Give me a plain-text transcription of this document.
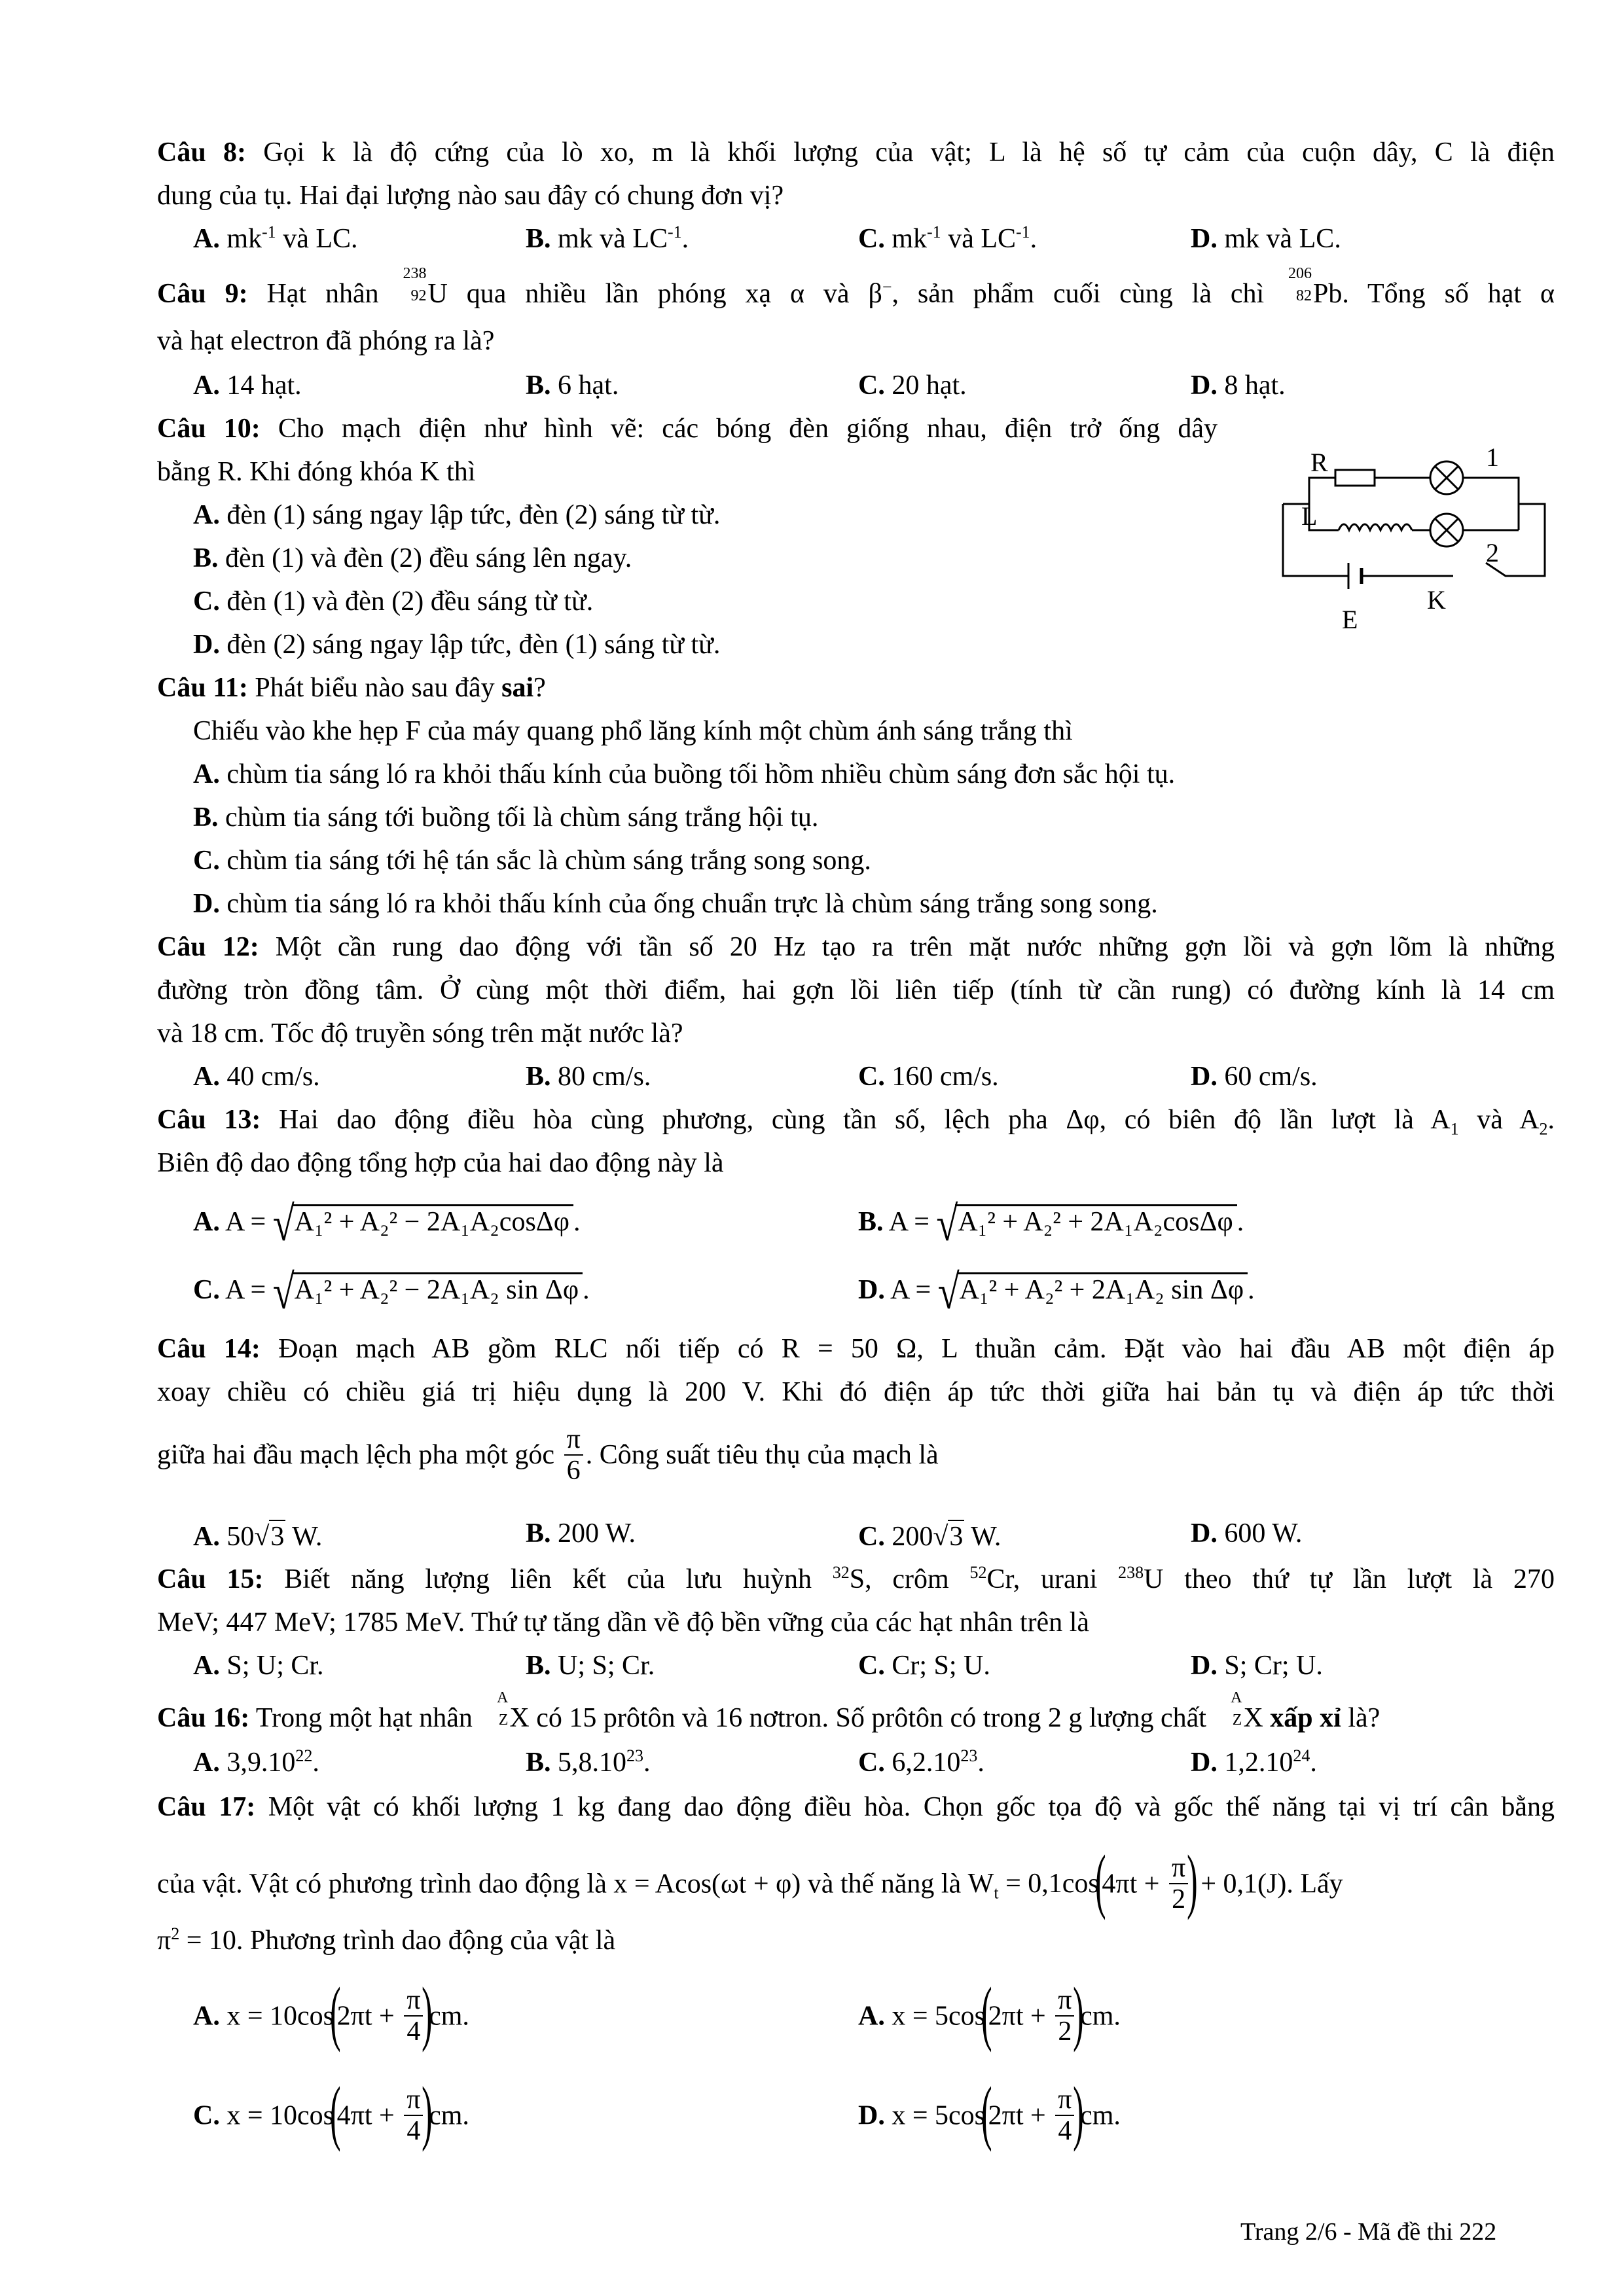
Câu 8: Gọi k là độ cứng của lò xo, m là khối lượng của vật; L là hệ số tự cảm của cuộn dây, C là điện
dung của tụ. Hai đại lượng nào sau đây có chung đơn vị?
A. $mk^{-1}$ và LC.	B. mk và $LC^{-1}$.	C. $mk^{-1}$ và $LC^{-1}$.	D. mk và LC.
Câu 9: Hạt nhân
238
92 U qua nhiều lần phóng xạ α và β−, sản phẩm cuối cùng là chì
206
82 Pb. Tổng số hạt α
và hạt electron đã phóng ra là?
A. 14 hạt.	B. 6 hạt.	C. 20 hạt.	D. 8 hạt.
Câu 10: Cho mạch điện như hình vẽ: các bóng đèn giống nhau, điện trở ống dây
bằng R. Khi đóng khóa K thì
A. đèn (1) sáng ngay lập tức, đèn (2) sáng từ từ.
B. đèn (1) và đèn (2) đều sáng lên ngay.
C. đèn (1) và đèn (2) đều sáng từ từ.
D. đèn (2) sáng ngay lập tức, đèn (1) sáng từ từ.
R	1
L
2
K
E
Câu 11: Phát biểu nào sau đây sai?
Chiếu vào khe hẹp F của máy quang phổ lăng kính một chùm ánh sáng trắng thì
A. chùm tia sáng ló ra khỏi thấu kính của buồng tối hồm nhiều chùm sáng đơn sắc hội tụ.
B. chùm tia sáng tới buồng tối là chùm sáng trắng hội tụ.
C. chùm tia sáng tới hệ tán sắc là chùm sáng trắng song song.
D. chùm tia sáng ló ra khỏi thấu kính của ống chuẩn trực là chùm sáng trắng song song.
Câu 12: Một cần rung dao động với tần số 20 Hz tạo ra trên mặt nước những gợn lồi và gợn lõm là những
đường tròn đồng tâm. Ở cùng một thời điểm, hai gợn lồi liên tiếp (tính từ cần rung) có đường kính là 14 cm
và 18 cm. Tốc độ truyền sóng trên mặt nước là?
A. 40 cm/s.	B. 80 cm/s.	C. 160 cm/s.	D. 60 cm/s.
Câu 13: Hai dao động điều hòa cùng phương, cùng tần số, lệch pha Δφ, có biên độ lần lượt là $A_1$ và $A_2$.
Biên độ dao động tổng hợp của hai dao động này là
A. A = √A₁² + A₂² − 2A₁A₂cosΔφ .	B. A = √A₁² + A₂² + 2A₁A₂cosΔφ .
C. A = √A₁² + A₂² − 2A₁A₂ sin Δφ .	D. A = √A₁² + A₂² + 2A₁A₂ sin Δφ .
Câu 14: Đoạn mạch AB gồm RLC nối tiếp có R = 50 Ω, L thuần cảm. Đặt vào hai đầu AB một điện áp
xoay chiều có chiều giá trị hiệu dụng là 200 V. Khi đó điện áp tức thời giữa hai bản tụ và điện áp tức thời
giữa hai đầu mạch lệch pha một góc $\frac{\pi}{6}$ . Công suất tiêu thụ của mạch là
A. 50√3 W.	B. 200 W.	C. 200√3 W.	D. 600 W.
Câu 15: Biết năng lượng liên kết của lưu huỳnh $^{32}$S, crôm $^{52}$Cr, urani $^{238}$U theo thứ tự lần lượt là 270
MeV; 447 MeV; 1785 MeV. Thứ tự tăng dần về độ bền vững của các hạt nhân trên là
A. S; U; Cr.	B. U; S; Cr.	C. Cr; S; U.	D. S; Cr; U.
Câu 16: Trong một hạt nhân
A
Z X có 15 prôtôn và 16 nơtron. Số prôtôn có trong 2 g lượng chất
A
Z X xấp xỉ là?
A. 3,9.10$^{22}$.	B. 5,8.10$^{23}$.	C. 6,2.10$^{23}$.	D. 1,2.10$^{24}$.
Câu 17: Một vật có khối lượng 1 kg đang dao động điều hòa. Chọn gốc tọa độ và gốc thế năng tại vị trí cân bằng
của vật. Vật có phương trình dao động là x = Acos(ωt + φ) và thế năng là $W_t = 0,1\cos(4\pi t + \frac{\pi}{2}$
) + 0,1(J). Lấy
$\pi^2 = 10$. Phương trình dao động của vật là
A. $x = 10\cos(2\pi t + \frac{\pi}{4}$
)cm.	A. $x = 5\cos(2\pi t + \frac{\pi}{2}$
)cm.
C. $x = 10\cos(4\pi t + \frac{\pi}{4}$
)cm.	D. $x = 5\cos(2\pi t + \frac{\pi}{4}$
)cm.
Trang 2/6 - Mã đề thi 222
